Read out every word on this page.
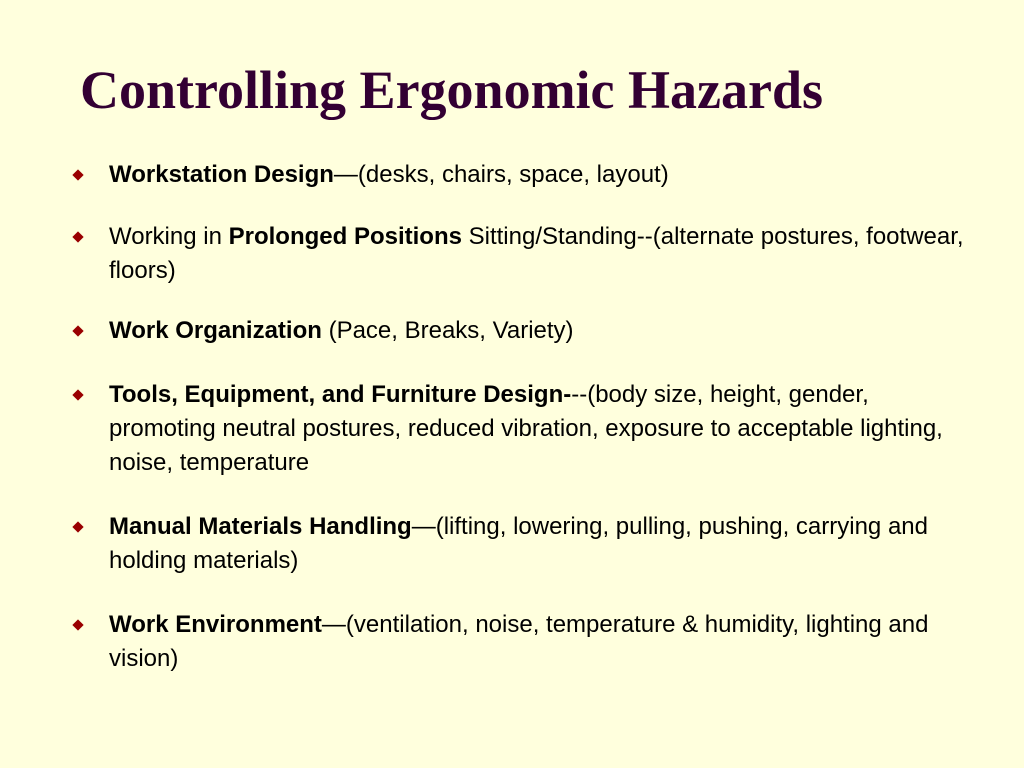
Controlling Ergonomic Hazards
Workstation Design—(desks, chairs, space, layout)
Working in Prolonged Positions Sitting/Standing--(alternate postures, footwear, floors)
Work Organization (Pace, Breaks, Variety)
Tools, Equipment, and Furniture Design---(body size, height, gender, promoting neutral postures, reduced vibration, exposure to acceptable lighting, noise, temperature
Manual Materials Handling—(lifting, lowering, pulling, pushing, carrying and holding materials)
Work Environment—(ventilation, noise, temperature & humidity, lighting and vision)
